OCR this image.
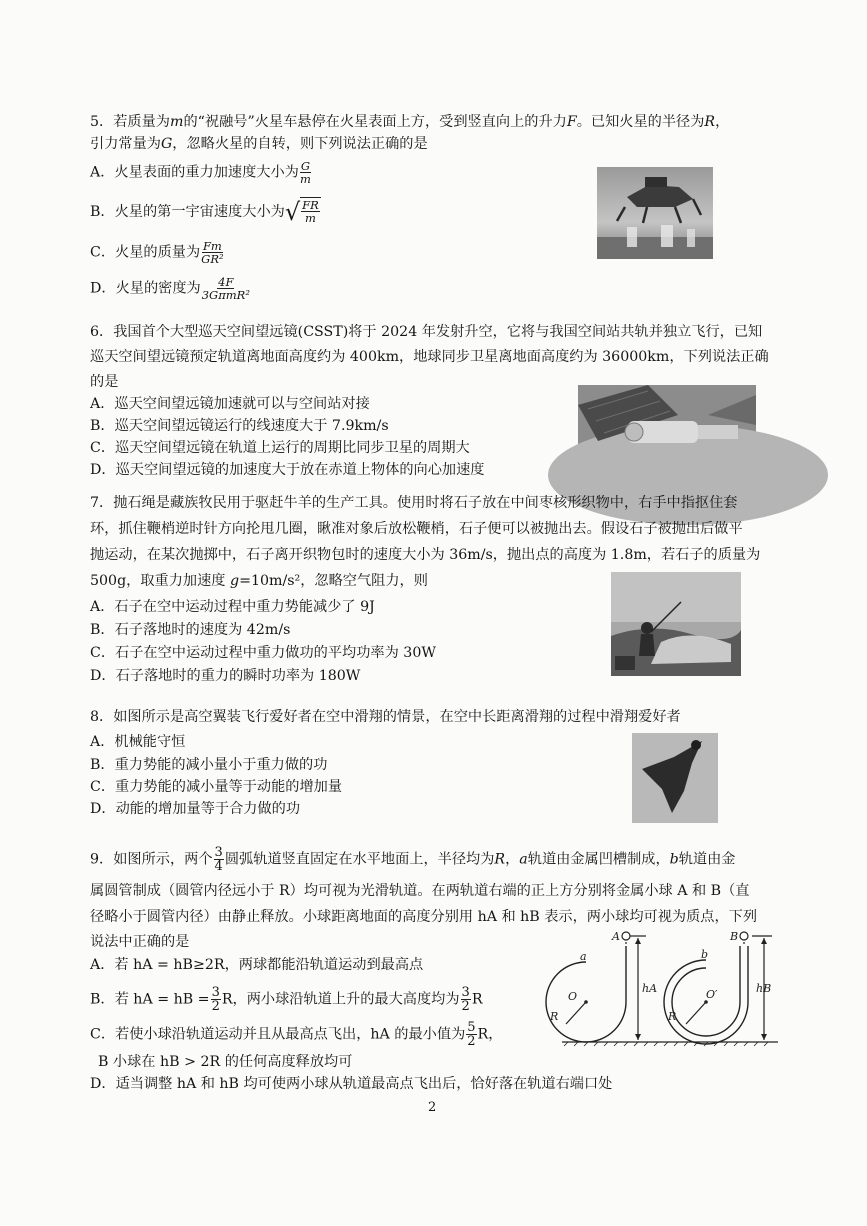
5．若质量为m的“祝融号”火星车悬停在火星表面上方，受到竖直向上的升力F。已知火星的半径为R，
引力常量为G，忽略火星的自转，则下列说法正确的是
A．火星表面的重力加速度大小为 $\frac{G}{m}$
B．火星的第一宇宙速度大小为 √ $\frac{FR}{m}$
C．火星的质量为 $\frac{Fm}{\text{GR²}}$
D．火星的密度为 $\frac{4F}{\text{3GπmR²}}$
6．我国首个大型巡天空间望远镜(CSST)将于 2024 年发射升空，它将与我国空间站共轨并独立飞行，已知
巡天空间望远镜预定轨道离地面高度约为 400km，地球同步卫星离地面高度约为 36000km，下列说法正确
的是
A．巡天空间望远镜加速就可以与空间站对接
B．巡天空间望远镜运行的线速度大于 7.9km/s
C．巡天空间望远镜在轨道上运行的周期比同步卫星的周期大
D．巡天空间望远镜的加速度大于放在赤道上物体的向心加速度
7．抛石绳是藏族牧民用于驱赶牛羊的生产工具。使用时将石子放在中间枣核形织物中，右手中指抠住套
环，抓住鞭梢逆时针方向抡甩几圈，瞅准对象后放松鞭梢，石子便可以被抛出去。假设石子被抛出后做平
抛运动，在某次抛掷中，石子离开织物包时的速度大小为 36m/s，抛出点的高度为 1.8m，若石子的质量为
500g，取重力加速度 g=10m/s²，忽略空气阻力，则
A．石子在空中运动过程中重力势能减少了 9J
B．石子落地时的速度为 42m/s
C．石子在空中运动过程中重力做功的平均功率为 30W
D．石子落地时的重力的瞬时功率为 180W
8．如图所示是高空翼装飞行爱好者在空中滑翔的情景，在空中长距离滑翔的过程中滑翔爱好者
A．机械能守恒
B．重力势能的减小量小于重力做的功
C．重力势能的减小量等于动能的增加量
D．动能的增加量等于合力做的功
9．如图所示，两个 $\frac{3}{4}$ 圆弧轨道竖直固定在水平地面上，半径均为R，a轨道由金属凹槽制成，b轨道由金
属圆管制成（圆管内径远小于 R）均可视为光滑轨道。在两轨道右端的正上方分别将金属小球 A 和 B（直
径略小于圆管内径）由静止释放。小球距离地面的高度分别用 hA 和 hB 表示，两小球均可视为质点，下列
说法中正确的是
A．若 hA = hB≥2R，两球都能沿轨道运动到最高点
B．若 hA = hB = $\frac{3}{2}$ R，两小球沿轨道上升的最大高度均为 $\frac{3}{2}$ R
C．若使小球沿轨道运动并且从最高点飞出，hA 的最小值为 $\frac{5}{2}$ R，
B 小球在 hB > 2R 的任何高度释放均可
D．适当调整 hA 和 hB 均可使两小球从轨道最高点飞出后，恰好落在轨道右端口处
A	B
a	b
O	O′
R	R
hA	hB
2
